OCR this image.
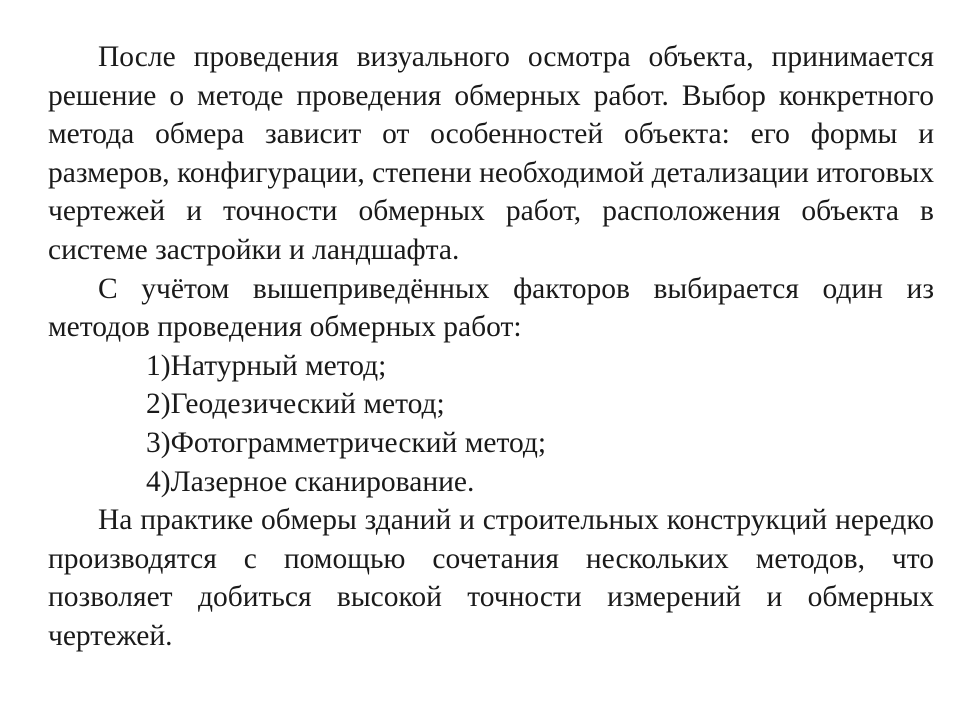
После проведения визуального осмотра объекта, принимается решение о методе проведения обмерных работ. Выбор конкретного метода обмера зависит от особенностей объекта: его формы и размеров, конфигурации, степени необходимой детализации итоговых чертежей и точности обмерных работ, расположения объекта в системе застройки и ландшафта.

С учётом вышеприведённых факторов выбирается один из методов проведения обмерных работ:

1)Натурный метод;
2)Геодезический метод;
3)Фотограмметрический метод;
4)Лазерное сканирование.

На практике обмеры зданий и строительных конструкций нередко производятся с помощью сочетания нескольких методов, что позволяет добиться высокой точности измерений и обмерных чертежей.
